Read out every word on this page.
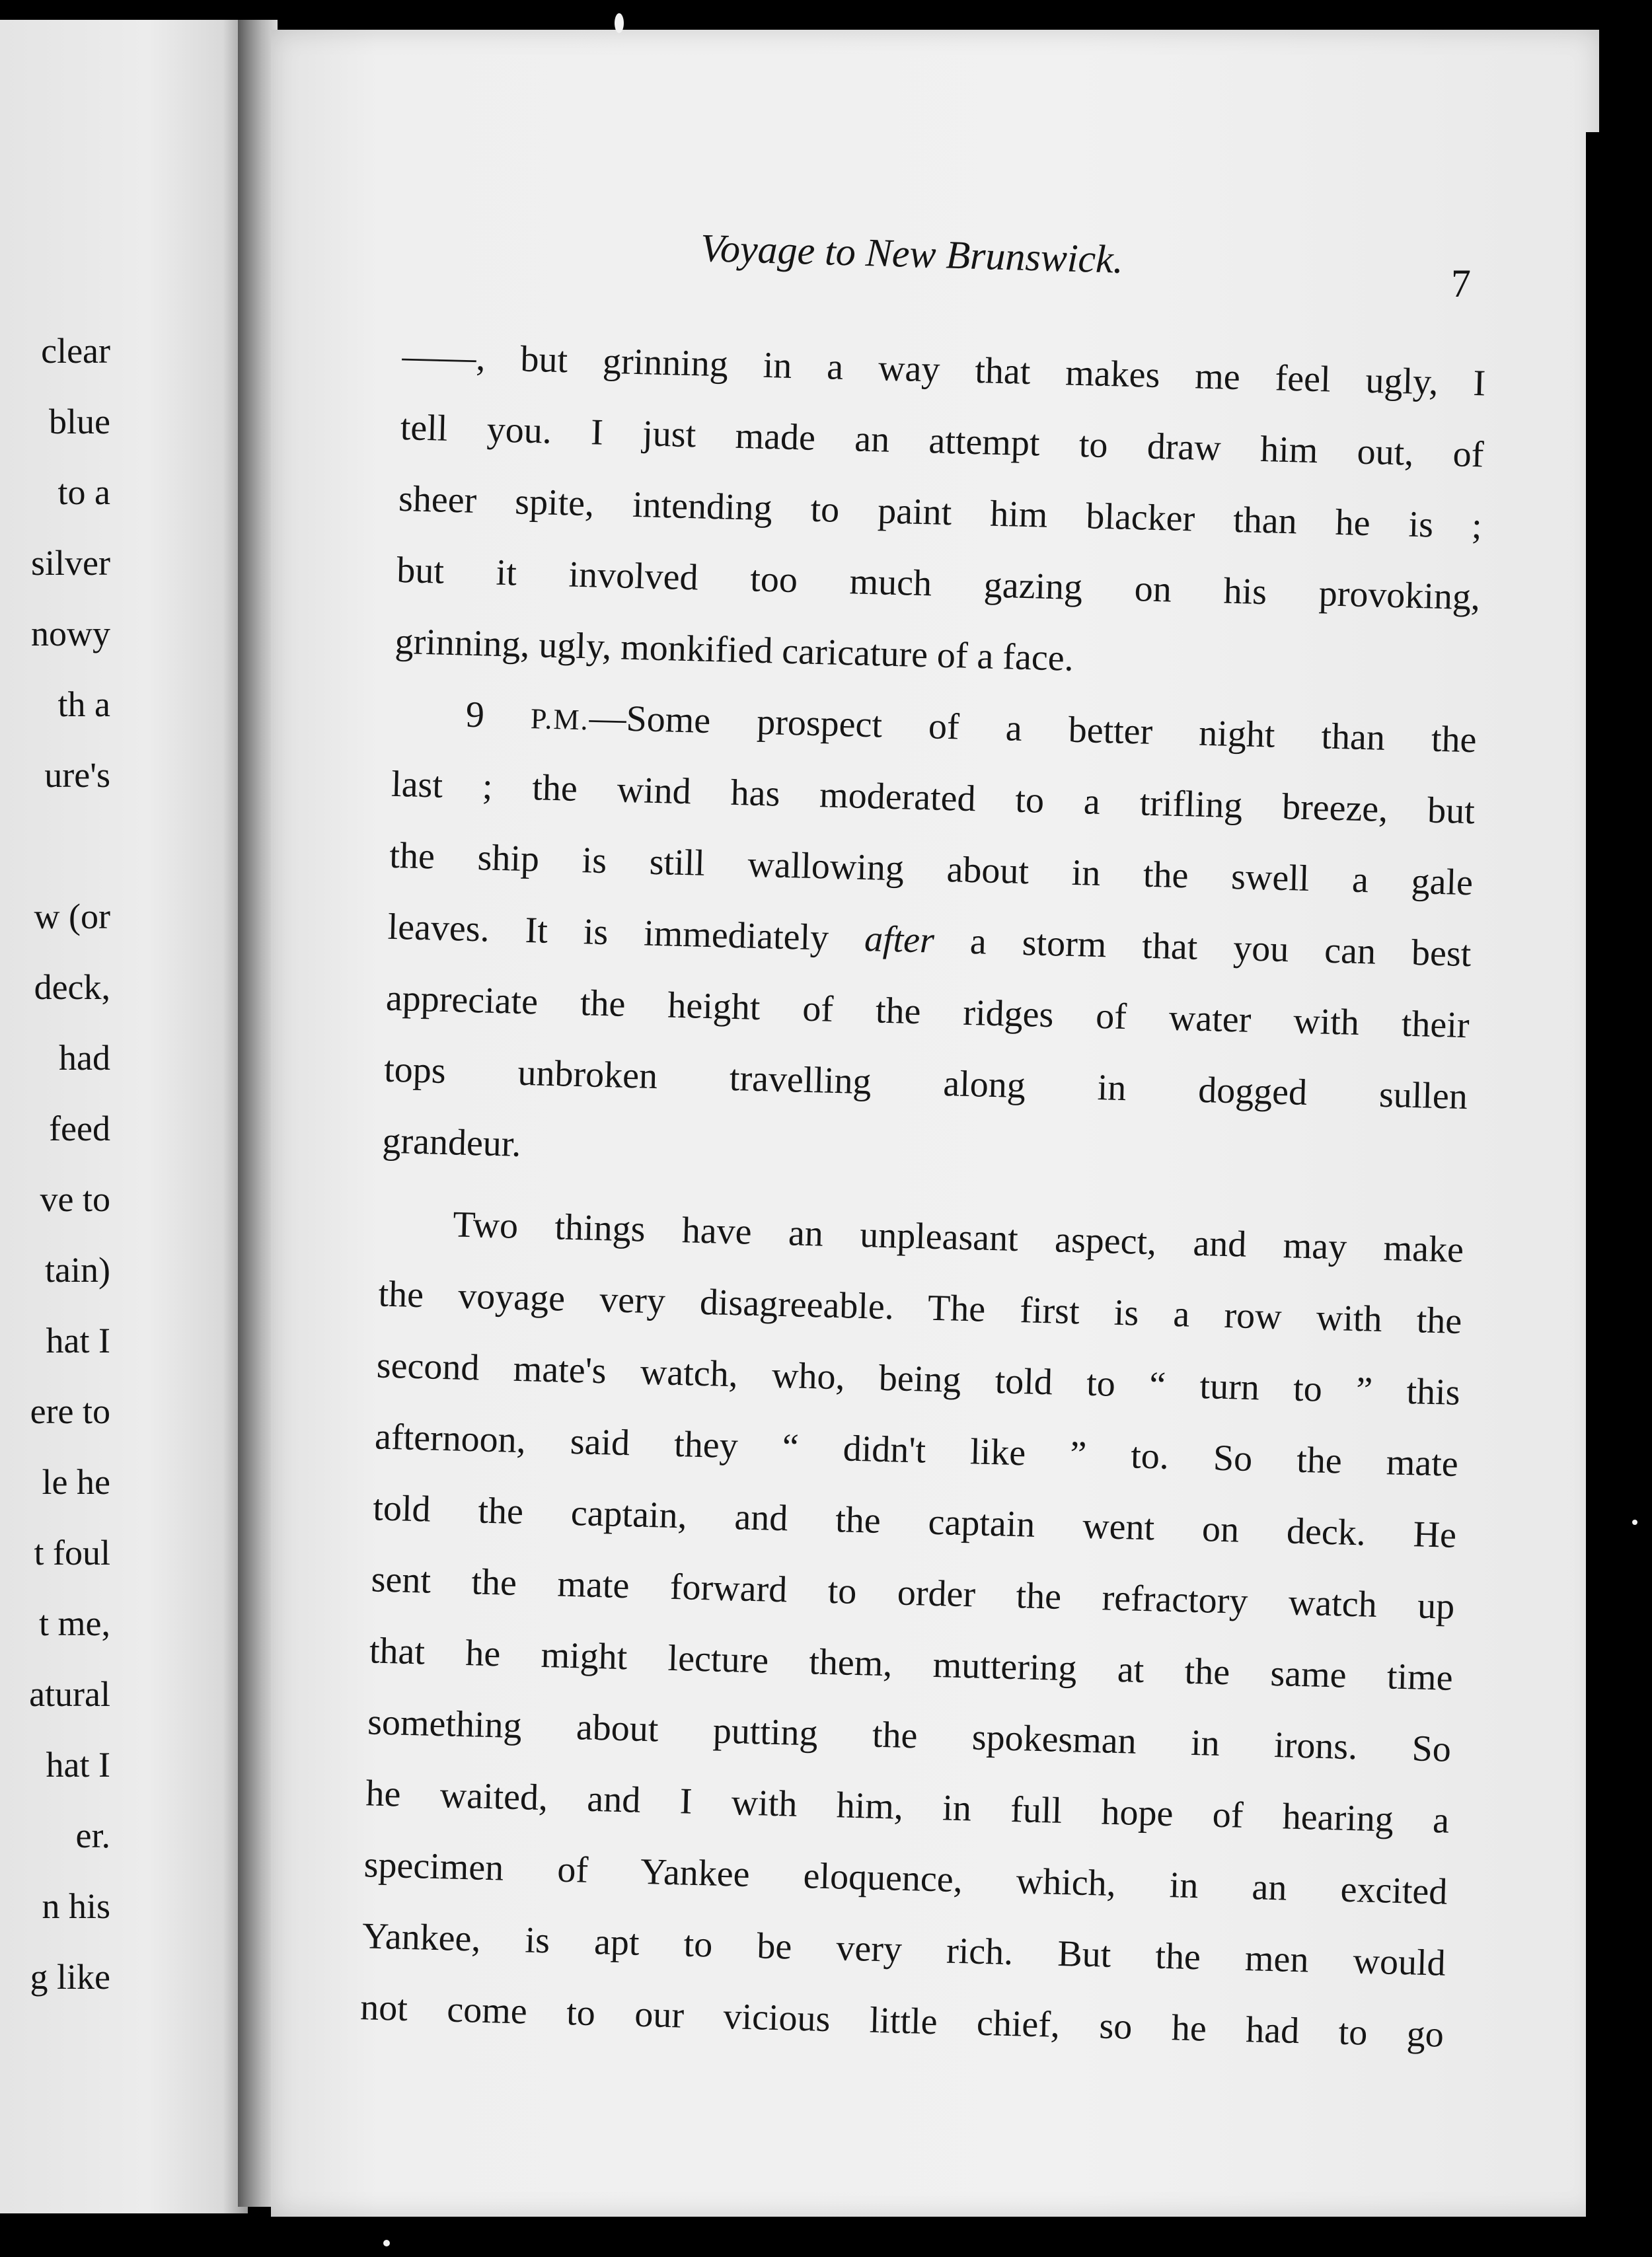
clear
blue
to a
silver
nowy
th a
ure's
w (or
deck,
had
feed
ve to
tain)
hat I
ere to
le he
t foul
t me,
atural
hat I
er.
n his
g like
Voyage to New Brunswick.
7
——, but grinning in a way that makes me feel ugly, I
tell you. I just made an attempt to draw him out, of
sheer spite, intending to paint him blacker than he is ;
but it involved too much gazing on his provoking,
grinning, ugly, monkified caricature of a face.
9 P.M.—Some prospect of a better night than the
last ; the wind has moderated to a trifling breeze, but
the ship is still wallowing about in the swell a gale
leaves. It is immediately after a storm that you can best
appreciate the height of the ridges of water with their
tops unbroken travelling along in dogged sullen
grandeur.
Two things have an unpleasant aspect, and may make
the voyage very disagreeable. The first is a row with the
second mate's watch, who, being told to “ turn to ” this
afternoon, said they “ didn't like ” to. So the mate
told the captain, and the captain went on deck. He
sent the mate forward to order the refractory watch up
that he might lecture them, muttering at the same time
something about putting the spokesman in irons. So
he waited, and I with him, in full hope of hearing a
specimen of Yankee eloquence, which, in an excited
Yankee, is apt to be very rich. But the men would
not come to our vicious little chief, so he had to go
